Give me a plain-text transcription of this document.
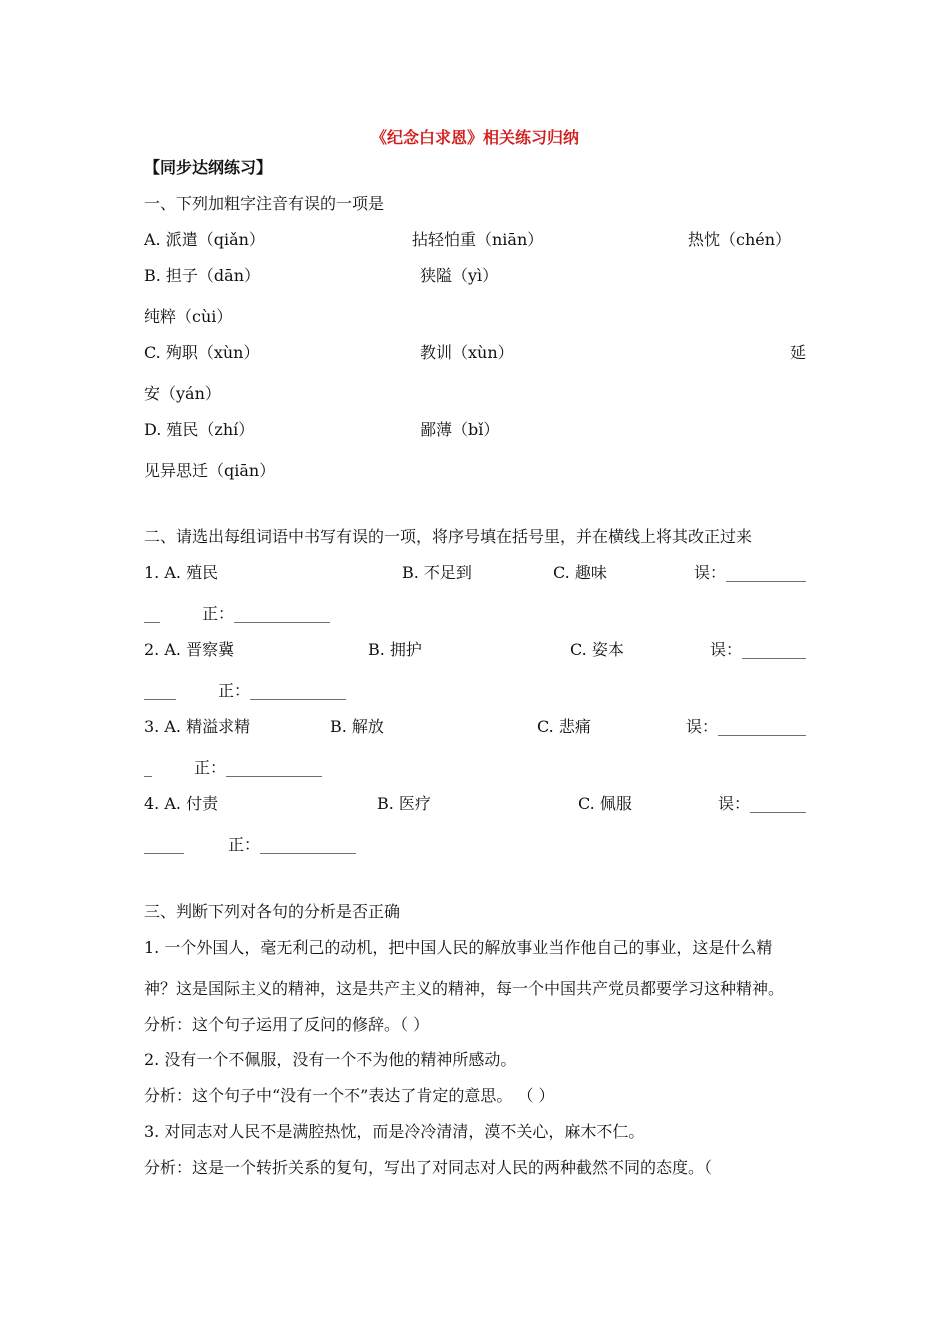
《纪念白求恩》相关练习归纳
【同步达纲练习】
一、下列加粗字注音有误的一项是
A. 派遣（qiǎn）	拈轻怕重（niān）	热忱（chén）
B. 担子（dān）	狭隘（yì）
纯粹（cùi）
C. 殉职（xùn）	教训（xùn）	延
安（yán）
D. 殖民（zhí）	鄙薄（bǐ）
见异思迁（qiān）
二、请选出每组词语中书写有误的一项，将序号填在括号里，并在横线上将其改正过来
1. A. 殖民	B. 不足到	C. 趣味	误：__________
__	正：____________
2. A. 晋察冀	B. 拥护	C. 姿本	误：________
____	正：____________
3. A. 精溢求精	B. 解放	C. 悲痛	误：___________
_	正：____________
4. A. 付责	B. 医疗	C. 佩服	误：_______
_____	正：____________
三、判断下列对各句的分析是否正确
1. 一个外国人，毫无利己的动机，把中国人民的解放事业当作他自己的事业，这是什么精
神？这是国际主义的精神，这是共产主义的精神，每一个中国共产党员都要学习这种精神。
分析：这个句子运用了反问的修辞。（ ）
2. 没有一个不佩服，没有一个不为他的精神所感动。
分析：这个句子中“没有一个不”表达了肯定的意思。 （ ）
3. 对同志对人民不是满腔热忱，而是冷冷清清，漠不关心，麻木不仁。
分析：这是一个转折关系的复句，写出了对同志对人民的两种截然不同的态度。（
